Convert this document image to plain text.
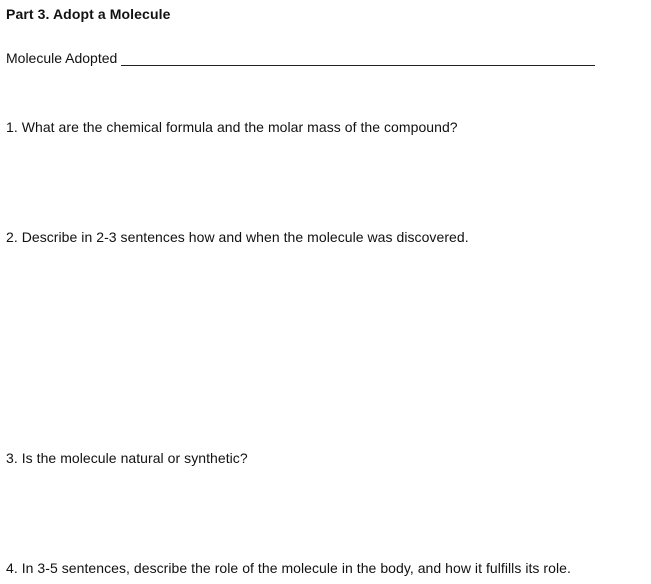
Part 3. Adopt a Molecule
Molecule Adopted
1. What are the chemical formula and the molar mass of the compound?
2. Describe in 2-3 sentences how and when the molecule was discovered.
3. Is the molecule natural or synthetic?
4. In 3-5 sentences, describe the role of the molecule in the body, and how it fulfills its role.
